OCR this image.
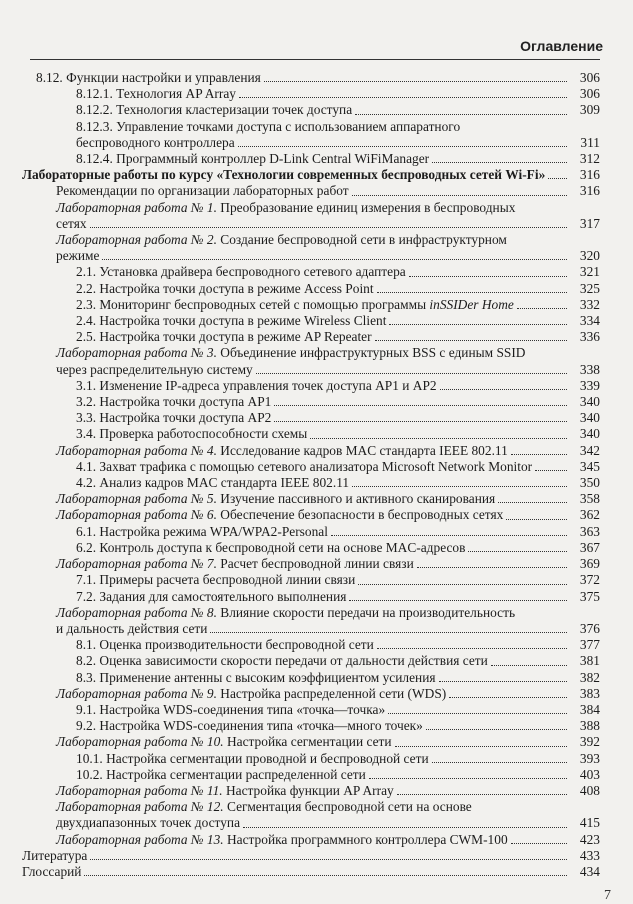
Оглавление
8.12. Функции настройки и управления	306
8.12.1. Технология AP Array	306
8.12.2. Технология кластеризации точек доступа	309
8.12.3. Управление точками доступа с использованием аппаратного
беспроводного контроллера	311
8.12.4. Программный контроллер D-Link Central WiFiManager	312
Лабораторные работы по курсу «Технологии современных беспроводных сетей Wi-Fi»	316
Рекомендации по организации лабораторных работ	316
Лабораторная работа № 1. Преобразование единиц измерения в беспроводных
сетях	317
Лабораторная работа № 2. Создание беспроводной сети в инфраструктурном
режиме	320
2.1. Установка драйвера беспроводного сетевого адаптера	321
2.2. Настройка точки доступа в режиме Access Point	325
2.3. Мониторинг беспроводных сетей с помощью программы inSSIDer Home	332
2.4. Настройка точки доступа в режиме Wireless Client	334
2.5. Настройка точки доступа в режиме AP Repeater	336
Лабораторная работа № 3. Объединение инфраструктурных BSS с единым SSID
через распределительную систему	338
3.1. Изменение IP-адреса управления точек доступа AP1 и AP2	339
3.2. Настройка точки доступа AP1	340
3.3. Настройка точки доступа AP2	340
3.4. Проверка работоспособности схемы	340
Лабораторная работа № 4. Исследование кадров MAC стандарта IEEE 802.11	342
4.1. Захват трафика с помощью сетевого анализатора Microsoft Network Monitor	345
4.2. Анализ кадров MAC стандарта IEEE 802.11	350
Лабораторная работа № 5. Изучение пассивного и активного сканирования	358
Лабораторная работа № 6. Обеспечение безопасности в беспроводных сетях	362
6.1. Настройка режима WPA/WPA2-Personal	363
6.2. Контроль доступа к беспроводной сети на основе MAC-адресов	367
Лабораторная работа № 7. Расчет беспроводной линии связи	369
7.1. Примеры расчета беспроводной линии связи	372
7.2. Задания для самостоятельного выполнения	375
Лабораторная работа № 8. Влияние скорости передачи на производительность
и дальность действия сети	376
8.1. Оценка производительности беспроводной сети	377
8.2. Оценка зависимости скорости передачи от дальности действия сети	381
8.3. Применение антенны с высоким коэффициентом усиления	382
Лабораторная работа № 9. Настройка распределенной сети (WDS)	383
9.1. Настройка WDS-соединения типа «точка—точка»	384
9.2. Настройка WDS-соединения типа «точка—много точек»	388
Лабораторная работа № 10. Настройка сегментации сети	392
10.1. Настройка сегментации проводной и беспроводной сети	393
10.2. Настройка сегментации распределенной сети	403
Лабораторная работа № 11. Настройка функции AP Array	408
Лабораторная работа № 12. Сегментация беспроводной сети на основе
двухдиапазонных точек доступа	415
Лабораторная работа № 13. Настройка программного контроллера CWM-100	423
Литература	433
Глоссарий	434
7
